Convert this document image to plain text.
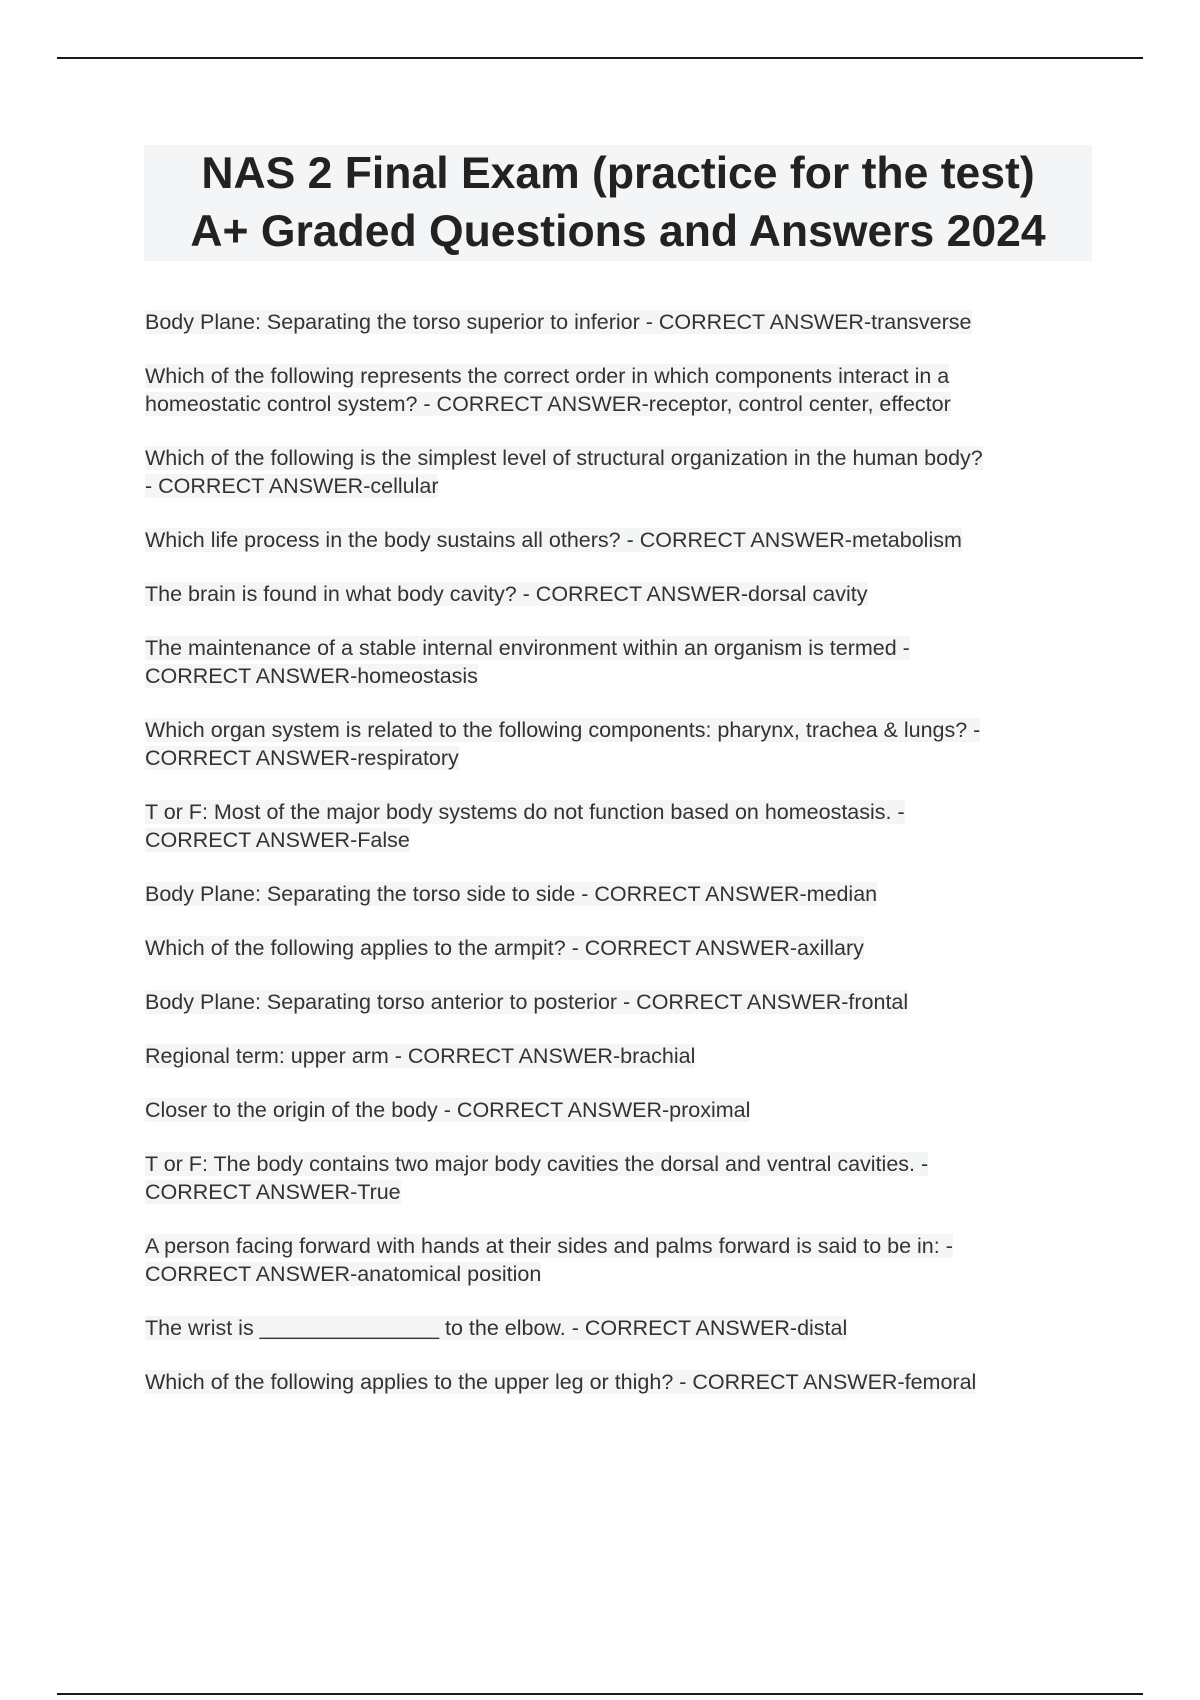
NAS 2 Final Exam (practice for the test)
A+ Graded Questions and Answers 2024
Body Plane: Separating the torso superior to inferior - CORRECT ANSWER-transverse
Which of the following represents the correct order in which components interact in a
homeostatic control system? - CORRECT ANSWER-receptor, control center, effector
Which of the following is the simplest level of structural organization in the human body?
- CORRECT ANSWER-cellular
Which life process in the body sustains all others? - CORRECT ANSWER-metabolism
The brain is found in what body cavity? - CORRECT ANSWER-dorsal cavity
The maintenance of a stable internal environment within an organism is termed -
CORRECT ANSWER-homeostasis
Which organ system is related to the following components: pharynx, trachea & lungs? -
CORRECT ANSWER-respiratory
T or F: Most of the major body systems do not function based on homeostasis. -
CORRECT ANSWER-False
Body Plane: Separating the torso side to side - CORRECT ANSWER-median
Which of the following applies to the armpit? - CORRECT ANSWER-axillary
Body Plane: Separating torso anterior to posterior - CORRECT ANSWER-frontal
Regional term: upper arm - CORRECT ANSWER-brachial
Closer to the origin of the body - CORRECT ANSWER-proximal
T or F: The body contains two major body cavities the dorsal and ventral cavities. -
CORRECT ANSWER-True
A person facing forward with hands at their sides and palms forward is said to be in: -
CORRECT ANSWER-anatomical position
The wrist is _______________ to the elbow. - CORRECT ANSWER-distal
Which of the following applies to the upper leg or thigh? - CORRECT ANSWER-femoral
